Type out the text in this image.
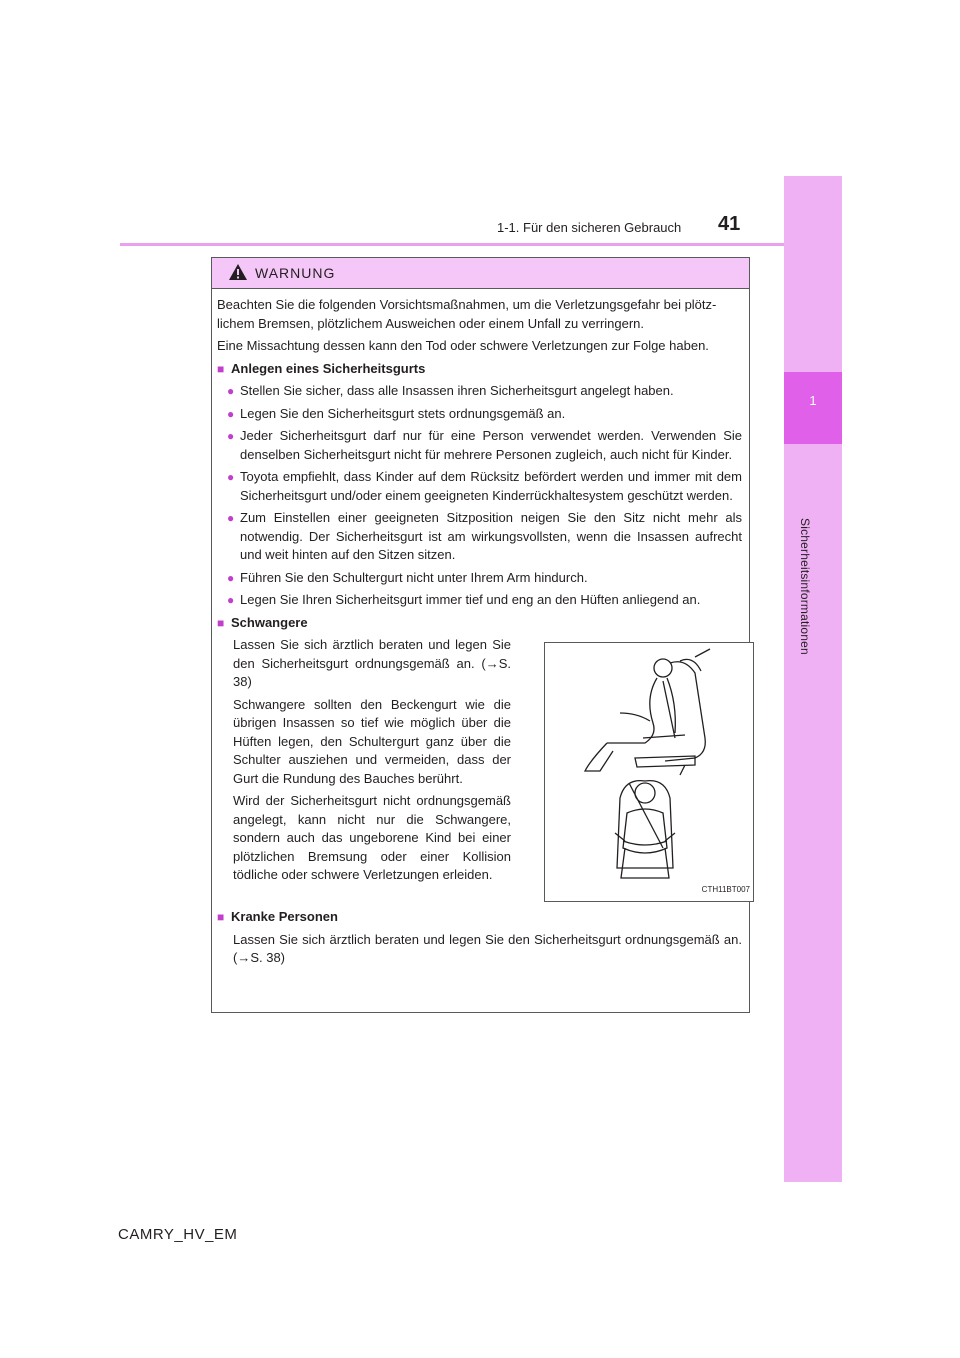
1
Sicherheitsinformationen
1-1. Für den sicheren Gebrauch 41
WARNUNG

Beachten Sie die folgenden Vorsichtsmaßnahmen, um die Verletzungsgefahr bei plötzlichem Bremsen, plötzlichem Ausweichen oder einem Unfall zu verringern.

Eine Missachtung dessen kann den Tod oder schwere Verletzungen zur Folge haben.

■ Anlegen eines Sicherheitsgurts
● Stellen Sie sicher, dass alle Insassen ihren Sicherheitsgurt angelegt haben.
● Legen Sie den Sicherheitsgurt stets ordnungsgemäß an.
● Jeder Sicherheitsgurt darf nur für eine Person verwendet werden. Verwenden Sie denselben Sicherheitsgurt nicht für mehrere Personen zugleich, auch nicht für Kinder.
● Toyota empfiehlt, dass Kinder auf dem Rücksitz befördert werden und immer mit dem Sicherheitsgurt und/oder einem geeigneten Kinderrückhaltesystem geschützt werden.
● Zum Einstellen einer geeigneten Sitzposition neigen Sie den Sitz nicht mehr als notwendig. Der Sicherheitsgurt ist am wirkungsvollsten, wenn die Insassen aufrecht und weit hinten auf den Sitzen sitzen.
● Führen Sie den Schultergurt nicht unter Ihrem Arm hindurch.
● Legen Sie Ihren Sicherheitsgurt immer tief und eng an den Hüften anliegend an.
■ Schwangere

Lassen Sie sich ärztlich beraten und legen Sie den Sicherheitsgurt ordnungsgemäß an. (→S. 38)

Schwangere sollten den Beckengurt wie die übrigen Insassen so tief wie möglich über die Hüften legen, den Schultergurt ganz über die Schulter ausziehen und vermeiden, dass der Gurt die Rundung des Bauches berührt.

Wird der Sicherheitsgurt nicht ordnungsgemäß angelegt, kann nicht nur die Schwangere, sondern auch das ungeborene Kind bei einer plötzlichen Bremsung oder einer Kollision tödliche oder schwere Verletzungen erleiden.

CTH11BT007
■ Kranke Personen
Lassen Sie sich ärztlich beraten und legen Sie den Sicherheitsgurt ordnungsgemäß an. (→S. 38)
CAMRY_HV_EM
